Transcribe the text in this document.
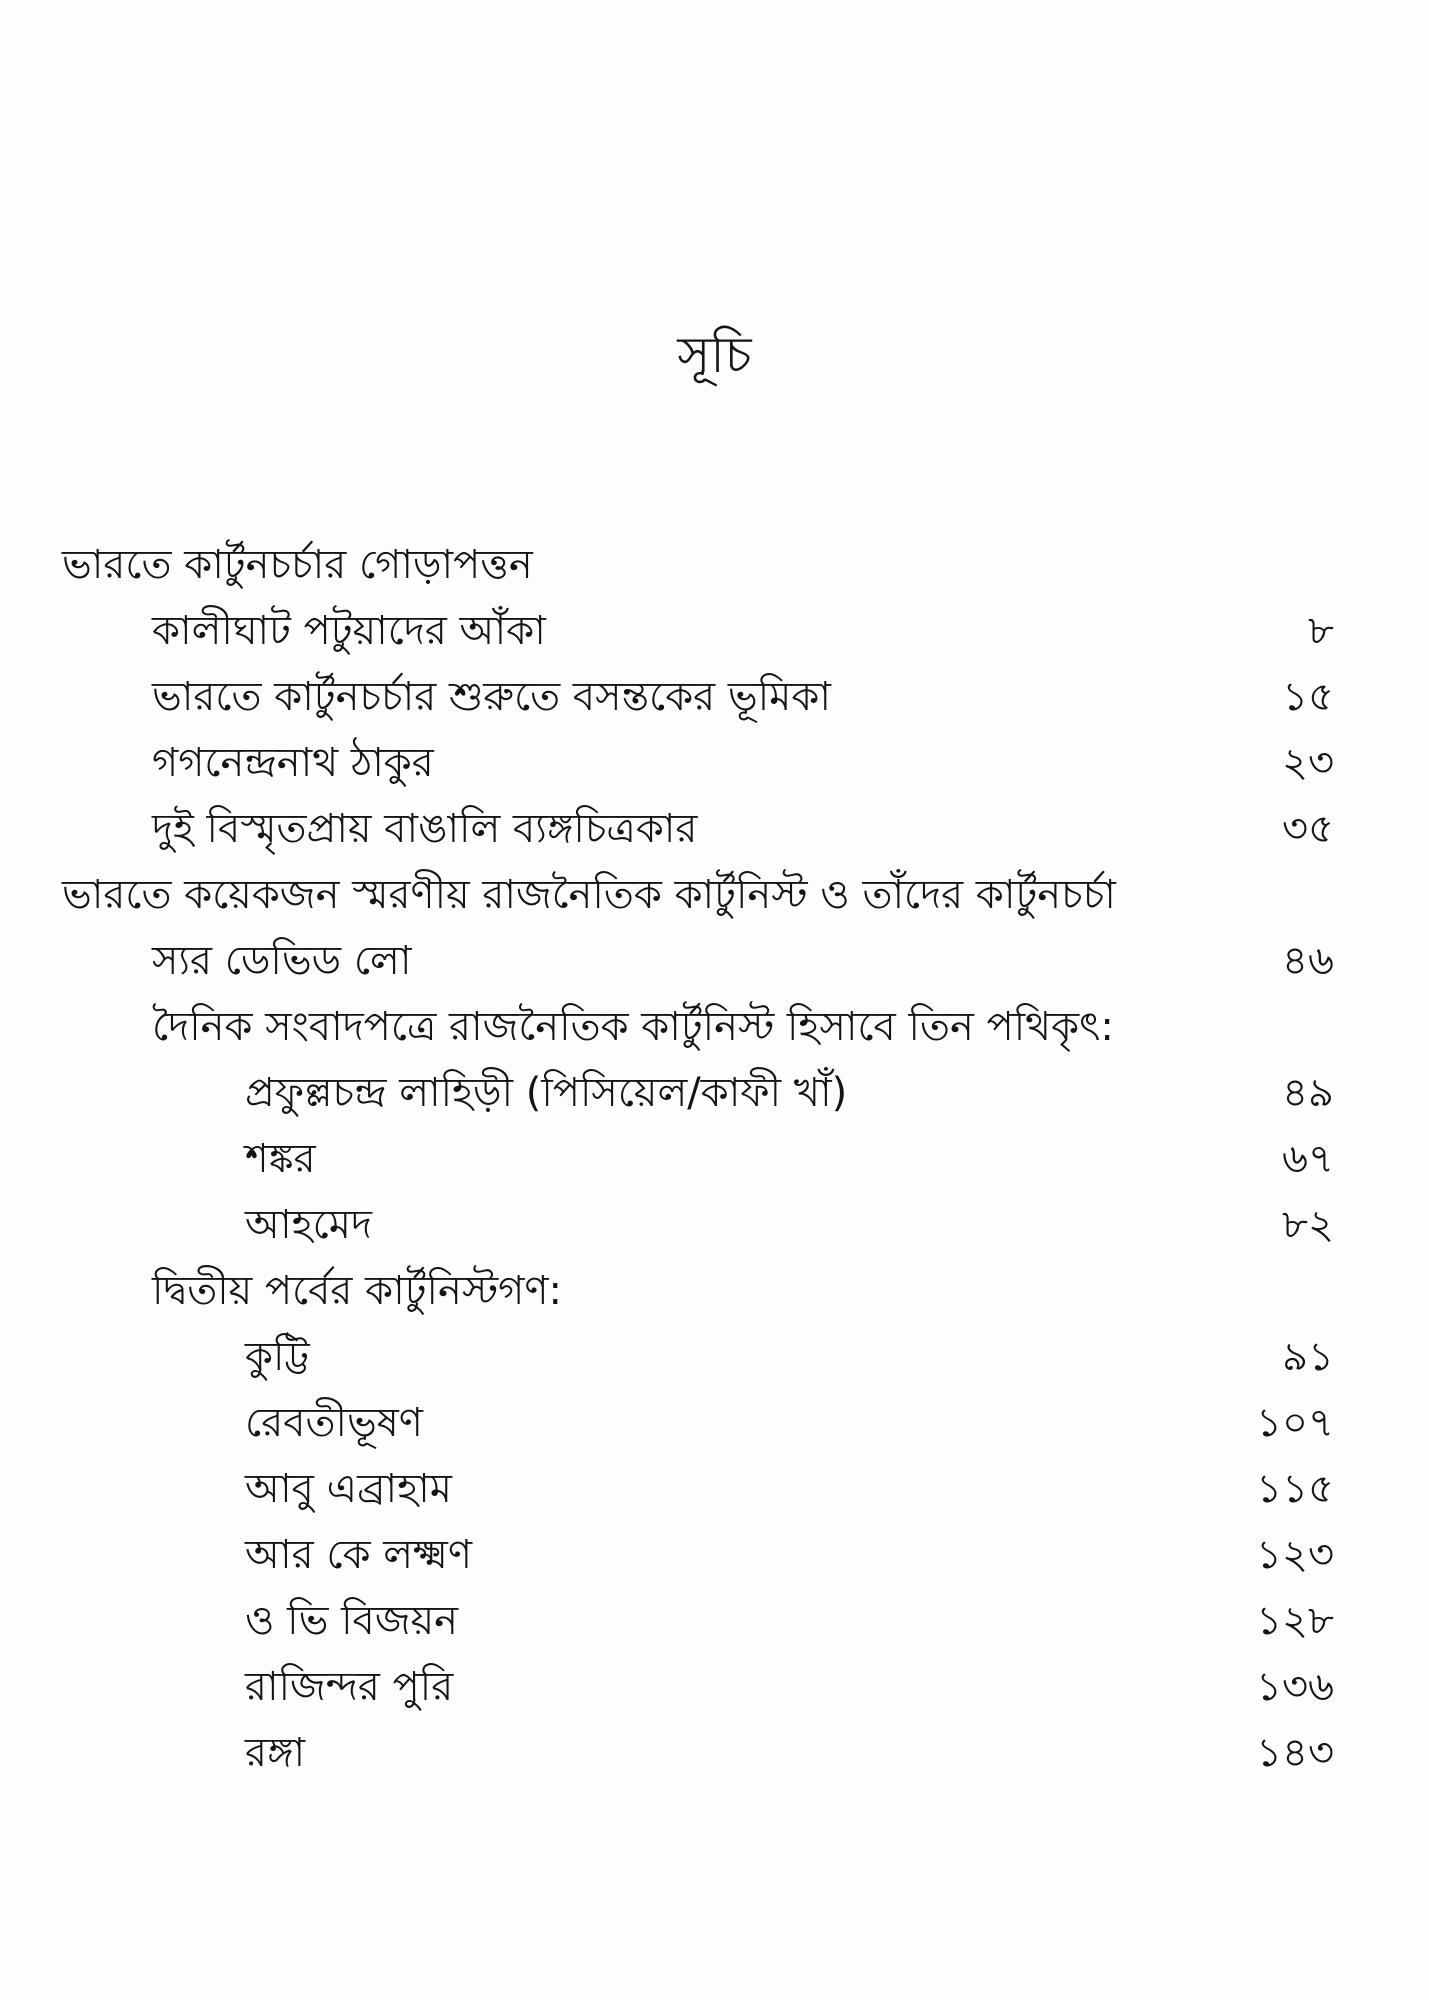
সূচি
ভারতে কার্টুনচর্চার গোড়াপত্তন
কালীঘাট পটুয়াদের আঁকা	৮
ভারতে কার্টুনচর্চার শুরুতে বসন্তকের ভূমিকা	১৫
গগনেন্দ্রনাথ ঠাকুর	২৩
দুই বিস্মৃতপ্রায় বাঙালি ব্যঙ্গচিত্রকার	৩৫
ভারতে কয়েকজন স্মরণীয় রাজনৈতিক কার্টুনিস্ট ও তাঁদের কার্টুনচর্চা
স্যর ডেভিড লো	৪৬
দৈনিক সংবাদপত্রে রাজনৈতিক কার্টুনিস্ট হিসাবে তিন পথিকৃৎ:
প্রফুল্লচন্দ্র লাহিড়ী (পিসিয়েল/কাফী খাঁ)	৪৯
শঙ্কর	৬৭
আহমেদ	৮২
দ্বিতীয় পর্বের কার্টুনিস্টগণ:
কুট্টি	৯১
রেবতীভূষণ	১০৭
আবু এব্রাহাম	১১৫
আর কে লক্ষ্মণ	১২৩
ও ভি বিজয়ন	১২৮
রাজিন্দর পুরি	১৩৬
রঙ্গা	১৪৩
